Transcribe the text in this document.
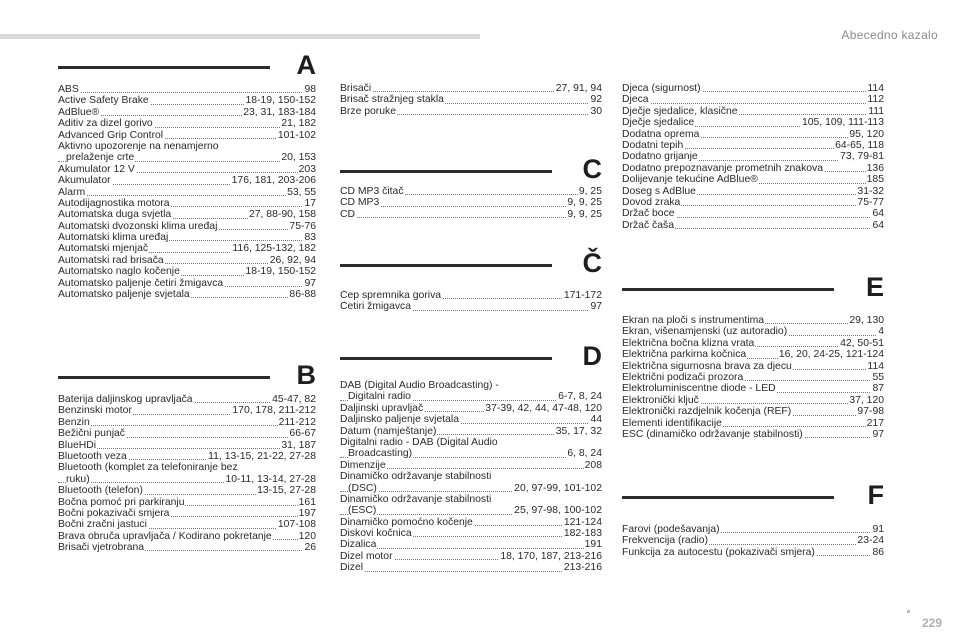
Abecedno kazalo
A
ABS	98
Active Safety Brake	18-19, 150-152
AdBlue®	23, 31, 183-184
Aditiv za dizel gorivo	21, 182
Advanced Grip Control	101-102
Aktivno upozorenje na nenamjerno
prelaženje crte	20, 153
Akumulator 12 V	203
Akumulator	176, 181, 203-206
Alarm	53, 55
Autodijagnostika motora	17
Automatska duga svjetla	27, 88-90, 158
Automatski dvozonski klima uređaj	75-76
Automatski klima uređaj	83
Automatski mjenjač	116, 125-132, 182
Automatski rad brisača	26, 92, 94
Automatsko naglo kočenje	18-19, 150-152
Automatsko paljenje četiri žmigavca	97
Automatsko paljenje svjetala	86-88
B
Baterija daljinskog upravljača	45-47, 82
Benzinski motor	170, 178, 211-212
Benzin	211-212
Bežični punjač	66-67
BlueHDi	31, 187
Bluetooth veza	11, 13-15, 21-22, 27-28
Bluetooth (komplet za telefoniranje bez
ruku)	10-11, 13-14, 27-28
Bluetooth (telefon)	13-15, 27-28
Bočna pomoć pri parkiranju	161
Bočni pokazivači smjera	197
Bočni zračni jastuci	107-108
Brava obruča upravljača / Kodirano pokretanje	120
Brisači vjetrobrana	26
Brisači	27, 91, 94
Brisač stražnjeg stakla	92
Brze poruke	30
C
CD MP3 čitač	9, 25
CD MP3	9, 9, 25
CD	9, 9, 25
Č
Čep spremnika goriva	171-172
Četiri žmigavca	97
D
DAB (Digital Audio Broadcasting) -
Digitalni radio	6-7, 8, 24
Daljinski upravljač	37-39, 42, 44, 47-48, 120
Daljinsko paljenje svjetala	44
Datum (namještanje)	35, 17, 32
Digitalni radio - DAB (Digital Audio
Broadcasting)	6, 8, 24
Dimenzije	208
Dinamičko održavanje stabilnosti
(DSC)	20, 97-99, 101-102
Dinamičko održavanje stabilnosti
(ESC)	25, 97-98, 100-102
Dinamičko pomoćno kočenje	121-124
Diskovi kočnica	182-183
Dizalica	191
Dizel motor	18, 170, 187, 213-216
Dizel	213-216
Djeca (sigurnost)	114
Djeca	112
Dječje sjedalice, klasične	111
Dječje sjedalice	105, 109, 111-113
Dodatna oprema	95, 120
Dodatni tepih	64-65, 118
Dodatno grijanje	73, 79-81
Dodatno prepoznavanje prometnih znakova	136
Dolijevanje tekućine AdBlue®	185
Doseg s AdBlue	31-32
Dovod zraka	75-77
Držač boce	64
Držač čaša	64
E
Ekran na ploči s instrumentima	29, 130
Ekran, višenamjenski (uz autoradio)	4
Električna bočna klizna vrata	42, 50-51
Električna parkirna kočnica	16, 20, 24-25, 121-124
Električna sigurnosna brava za djecu	114
Električni podizači prozora	55
Elektroluminiscentne diode - LED	87
Elektronički ključ	37, 120
Elektronički razdjelnik kočenja (REF)	97-98
Elementi identifikacije	217
ESC (dinamičko održavanje stabilnosti)	97
F
Farovi (podešavanja)	91
Frekvencija (radio)	23-24
Funkcija za autocestu (pokazivači smjera)	86
229
